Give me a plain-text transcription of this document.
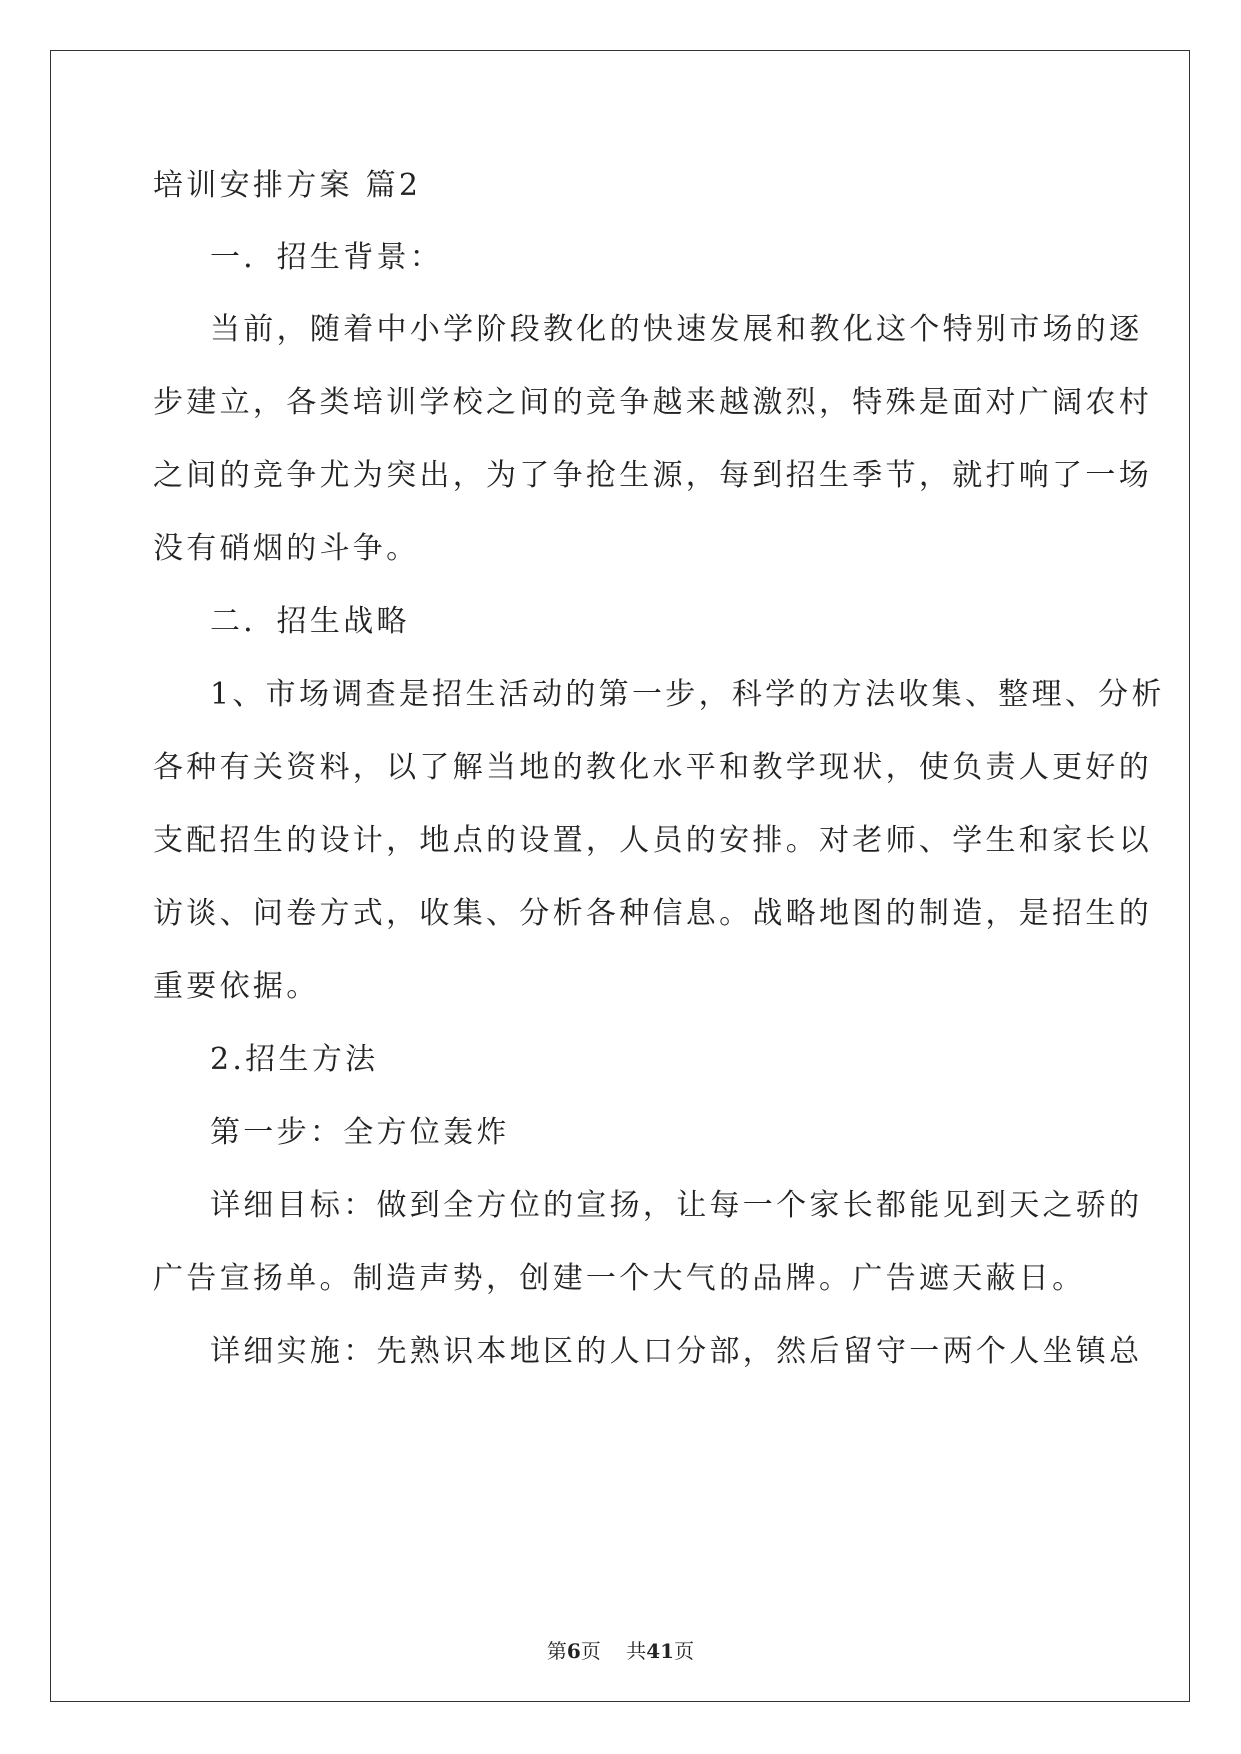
培训安排方案 篇2
一．招生背景：
当前，随着中小学阶段教化的快速发展和教化这个特别市场的逐
步建立，各类培训学校之间的竞争越来越激烈，特殊是面对广阔农村
之间的竞争尤为突出，为了争抢生源，每到招生季节，就打响了一场
没有硝烟的斗争。
二．招生战略
1、市场调查是招生活动的第一步，科学的方法收集、整理、分析
各种有关资料，以了解当地的教化水平和教学现状，使负责人更好的
支配招生的设计，地点的设置，人员的安排。对老师、学生和家长以
访谈、问卷方式，收集、分析各种信息。战略地图的制造，是招生的
重要依据。
2.招生方法
第一步：全方位轰炸
详细目标：做到全方位的宣扬，让每一个家长都能见到天之骄的
广告宣扬单。制造声势，创建一个大气的品牌。广告遮天蔽日。
详细实施：先熟识本地区的人口分部，然后留守一两个人坐镇总
第6页 共41页
